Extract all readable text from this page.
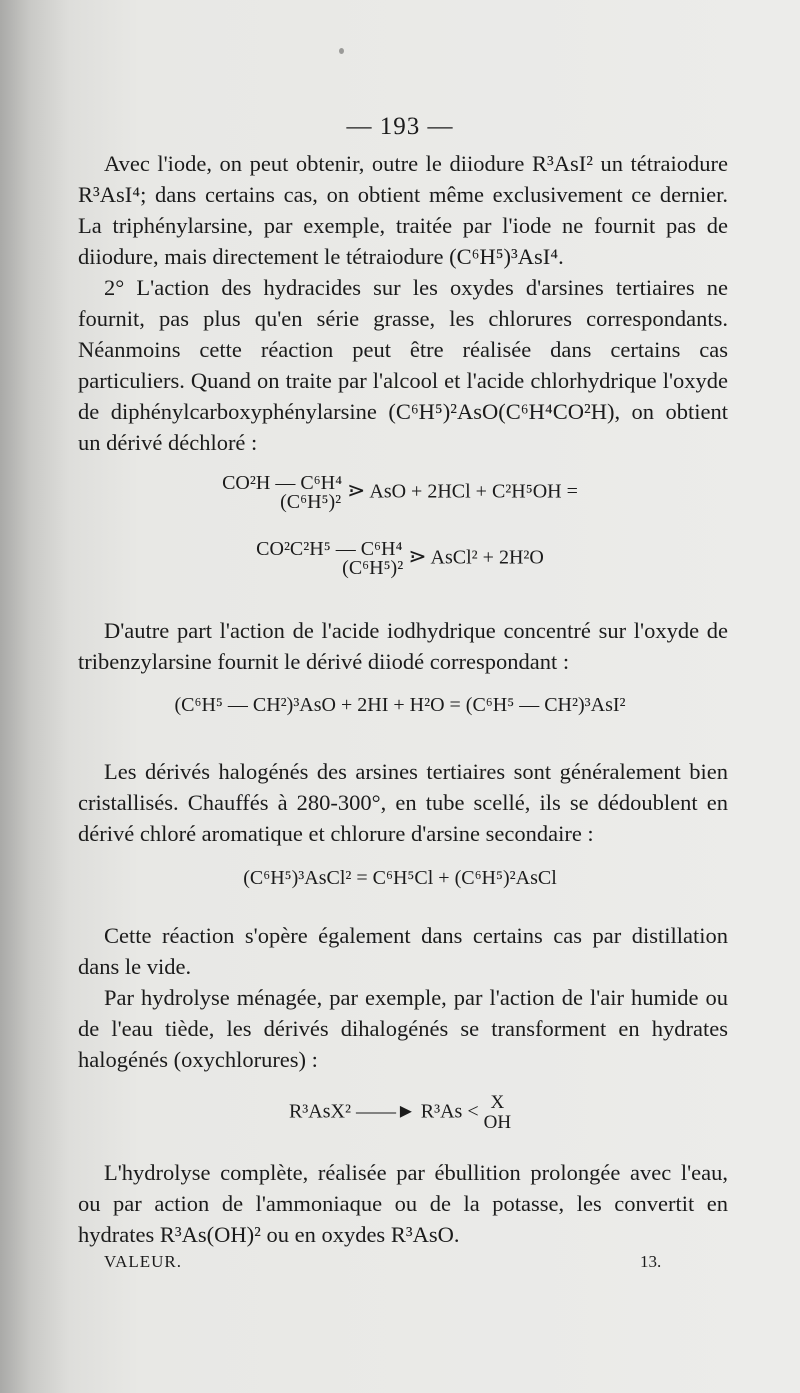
— 193 —

Avec l'iode, on peut obtenir, outre le diiodure R³AsI² un tétraiodure R³AsI⁴; dans certains cas, on obtient même exclusivement ce dernier. La triphénylarsine, par exemple, traitée par l'iode ne fournit pas de diiodure, mais directement le tétraiodure (C⁶H⁵)³AsI⁴.

2° L'action des hydracides sur les oxydes d'arsines tertiaires ne fournit, pas plus qu'en série grasse, les chlorures correspondants. Néanmoins cette réaction peut être réalisée dans certains cas particuliers. Quand on traite par l'alcool et l'acide chlorhydrique l'oxyde de diphénylcarboxyphénylarsine (C⁶H⁵)²AsO(C⁶H⁴CO²H), on obtient un dérivé déchloré :

CO²H — C⁶H⁴
(C⁶H⁵)² ⋗ AsO + 2HCl + C²H⁵OH =
CO²C²H⁵ — C⁶H⁴
(C⁶H⁵)² ⋗ AsCl² + 2H²O

D'autre part l'action de l'acide iodhydrique concentré sur l'oxyde de tribenzylarsine fournit le dérivé diiodé correspondant :

(C⁶H⁵ — CH²)³AsO + 2HI + H²O = (C⁶H⁵ — CH²)³AsI²

Les dérivés halogénés des arsines tertiaires sont généralement bien cristallisés. Chauffés à 280-300°, en tube scellé, ils se dédoublent en dérivé chloré aromatique et chlorure d'arsine secondaire :

(C⁶H⁵)³AsCl² = C⁶H⁵Cl + (C⁶H⁵)²AsCl

Cette réaction s'opère également dans certains cas par distillation dans le vide.

Par hydrolyse ménagée, par exemple, par l'action de l'air humide ou de l'eau tiède, les dérivés dihalogénés se transforment en hydrates halogénés (oxychlorures) :

R³AsX² ——► R³As < X
OH

L'hydrolyse complète, réalisée par ébullition prolongée avec l'eau, ou par action de l'ammoniaque ou de la potasse, les convertit en hydrates R³As(OH)² ou en oxydes R³AsO.

VALEUR.	13.
